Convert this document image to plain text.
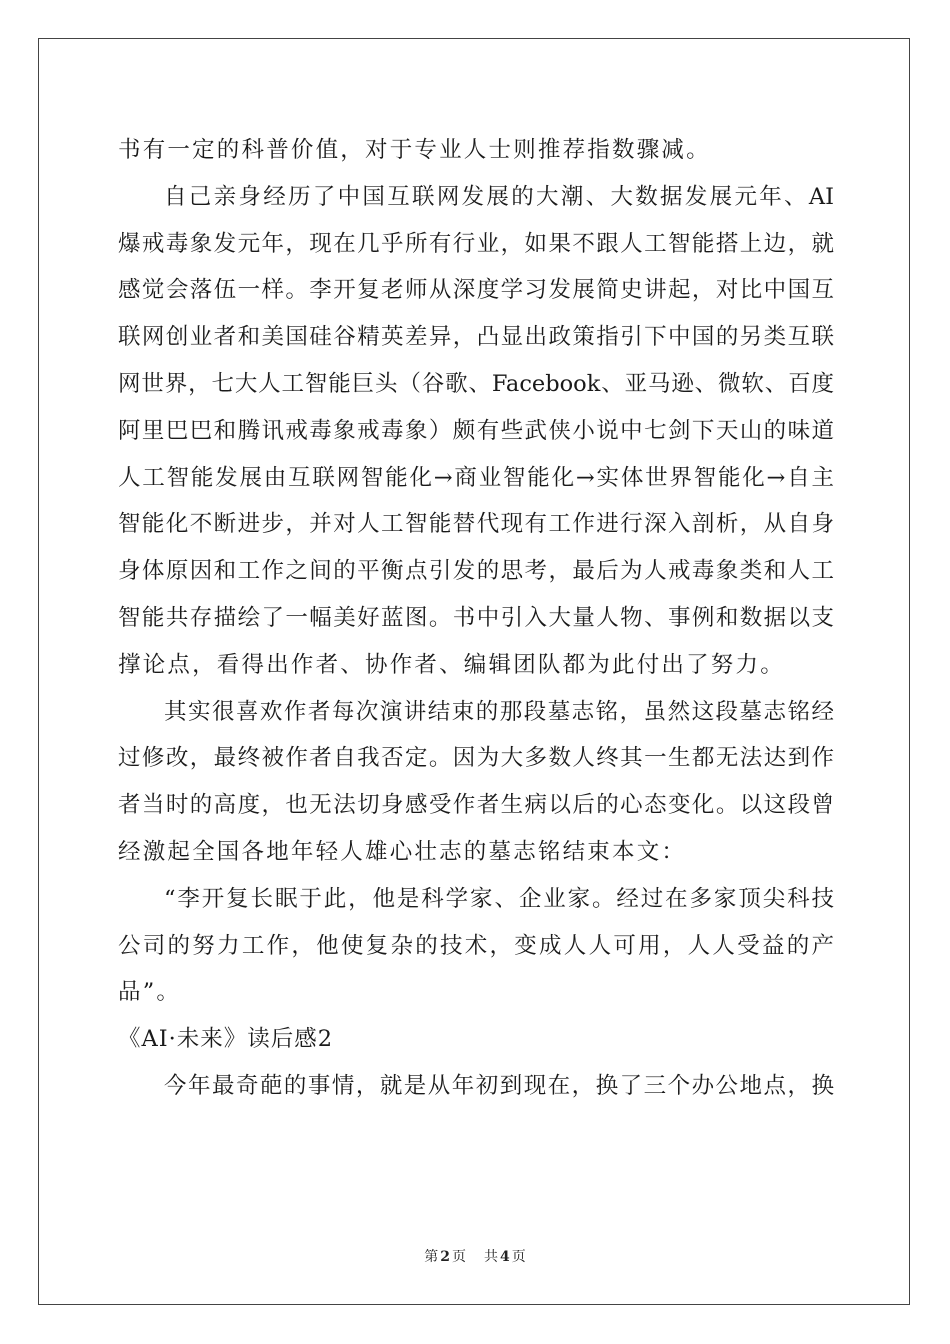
书有一定的科普价值，对于专业人士则推荐指数骤减。
自己亲身经历了中国互联网发展的大潮、大数据发展元年、AI
爆戒毒象发元年，现在几乎所有行业，如果不跟人工智能搭上边，就
感觉会落伍一样。李开复老师从深度学习发展简史讲起，对比中国互
联网创业者和美国硅谷精英差异，凸显出政策指引下中国的另类互联
网世界，七大人工智能巨头（谷歌、Facebook、亚马逊、微软、百度
阿里巴巴和腾讯戒毒象戒毒象）颇有些武侠小说中七剑下天山的味道
人工智能发展由互联网智能化→商业智能化→实体世界智能化→自主
智能化不断进步，并对人工智能替代现有工作进行深入剖析，从自身
身体原因和工作之间的平衡点引发的思考，最后为人戒毒象类和人工
智能共存描绘了一幅美好蓝图。书中引入大量人物、事例和数据以支
撑论点，看得出作者、协作者、编辑团队都为此付出了努力。
其实很喜欢作者每次演讲结束的那段墓志铭，虽然这段墓志铭经
过修改，最终被作者自我否定。因为大多数人终其一生都无法达到作
者当时的高度，也无法切身感受作者生病以后的心态变化。以这段曾
经激起全国各地年轻人雄心壮志的墓志铭结束本文：
“李开复长眠于此，他是科学家、企业家。经过在多家顶尖科技
公司的努力工作，他使复杂的技术，变成人人可用，人人受益的产
品”。
《AI·未来》读后感2
今年最奇葩的事情，就是从年初到现在，换了三个办公地点，换
第 2 页 共 4 页
